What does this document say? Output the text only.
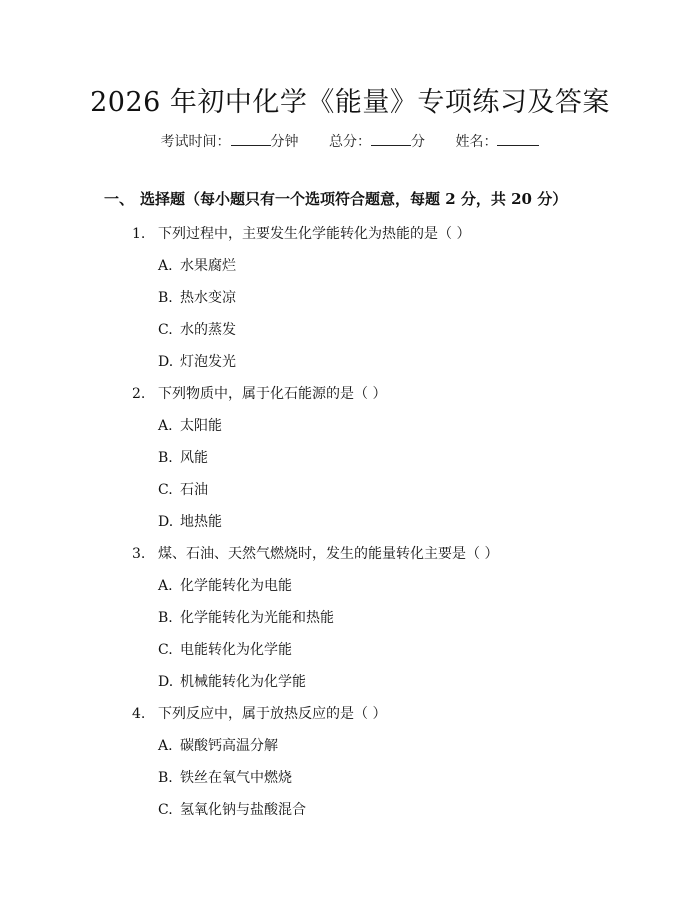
2026 年初中化学《能量》专项练习及答案
考试时间：	分钟 总分：	分 姓名：
一、 选择题（每小题只有一个选项符合题意，每题 2 分，共 20 分）
1. 下列过程中，主要发生化学能转化为热能的是（ ）
A. 水果腐烂
B. 热水变凉
C. 水的蒸发
D. 灯泡发光
2. 下列物质中，属于化石能源的是（ ）
A. 太阳能
B. 风能
C. 石油
D. 地热能
3. 煤、石油、天然气燃烧时，发生的能量转化主要是（ ）
A. 化学能转化为电能
B. 化学能转化为光能和热能
C. 电能转化为化学能
D. 机械能转化为化学能
4. 下列反应中，属于放热反应的是（ ）
A. 碳酸钙高温分解
B. 铁丝在氧气中燃烧
C. 氢氧化钠与盐酸混合
